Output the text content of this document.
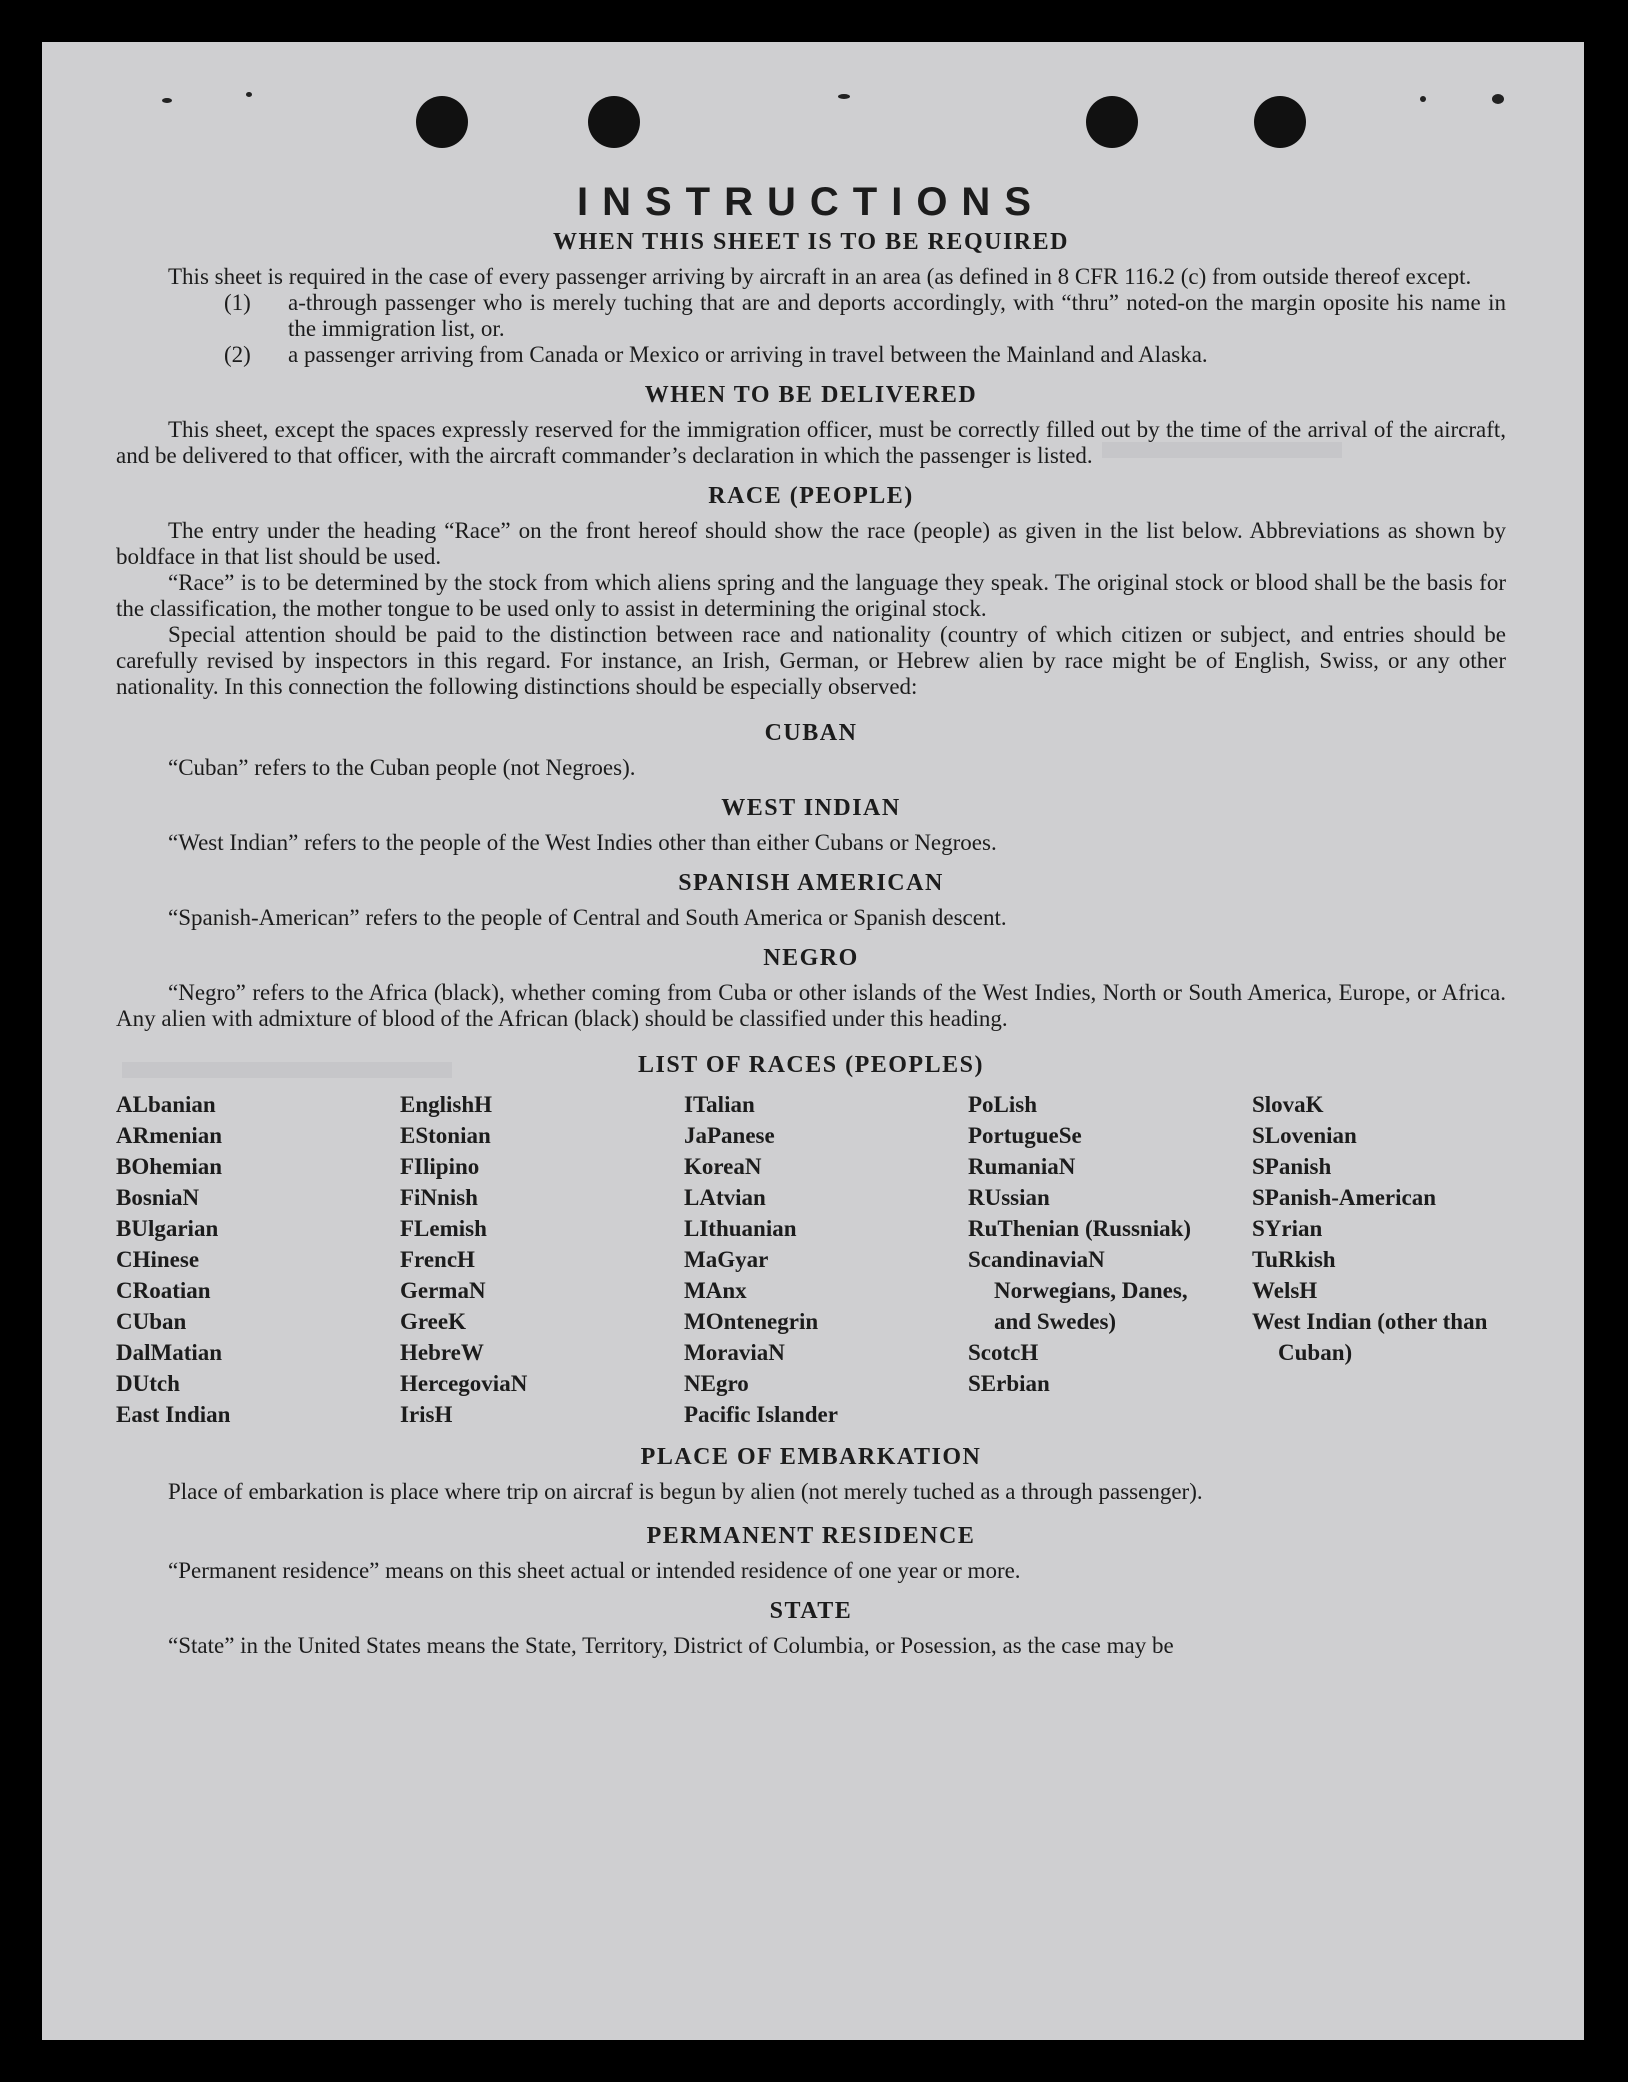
INSTRUCTIONS
WHEN THIS SHEET IS TO BE REQUIRED

This sheet is required in the case of every passenger arriving by aircraft in an area (as defined in 8 CFR 116.2 (c) from outside thereof except.

(1)	a-through passenger who is merely tuching that are and deports accordingly, with “thru” noted-on the margin oposite his name in the immigration list, or.
(2)	a passenger arriving from Canada or Mexico or arriving in travel between the Mainland and Alaska.
WHEN TO BE DELIVERED

This sheet, except the spaces expressly reserved for the immigration officer, must be correctly filled out by the time of the arrival of the aircraft, and be delivered to that officer, with the aircraft commander’s declaration in which the passenger is listed.

RACE (PEOPLE)

The entry under the heading “Race” on the front hereof should show the race (people) as given in the list below. Abbreviations as shown by boldface in that list should be used.

“Race” is to be determined by the stock from which aliens spring and the language they speak. The original stock or blood shall be the basis for the classification, the mother tongue to be used only to assist in determining the original stock.

Special attention should be paid to the distinction between race and nationality (country of which citizen or subject, and entries should be carefully revised by inspectors in this regard. For instance, an Irish, German, or Hebrew alien by race might be of English, Swiss, or any other nationality. In this connection the following distinctions should be especially observed:

CUBAN

“Cuban” refers to the Cuban people (not Negroes).

WEST INDIAN

“West Indian” refers to the people of the West Indies other than either Cubans or Negroes.

SPANISH AMERICAN

“Spanish-American” refers to the people of Central and South America or Spanish descent.

NEGRO

“Negro” refers to the Africa (black), whether coming from Cuba or other islands of the West Indies, North or South America, Europe, or Africa. Any alien with admixture of blood of the African (black) should be classified under this heading.

LIST OF RACES (PEOPLES)
ALbanian
ARmenian
BOhemian
BosniaN
BUlgarian
CHinese
CRoatian
CUban
DalMatian
DUtch
East Indian
EnglishH
EStonian
FIlipino
FiNnish
FLemish
FrencH
GermaN
GreeK
HebreW
HercegoviaN
IrisH
ITalian
JaPanese
KoreaN
LAtvian
LIthuanian
MaGyar
MAnx
MOntenegrin
MoraviaN
NEgro
Pacific Islander
PoLish
PortugueSe
RumaniaN
RUssian
RuThenian (Russniak)
ScandinaviaN Norwegians, Danes, and Swedes)
ScotcH
SErbian
SlovaK
SLovenian
SPanish
SPanish-American
SYrian
TuRkish
WelsH
West Indian (other than Cuban)
PLACE OF EMBARKATION

Place of embarkation is place where trip on aircraf is begun by alien (not merely tuched as a through passenger).

PERMANENT RESIDENCE

“Permanent residence” means on this sheet actual or intended residence of one year or more.

STATE

“State” in the United States means the State, Territory, District of Columbia, or Posession, as the case may be
